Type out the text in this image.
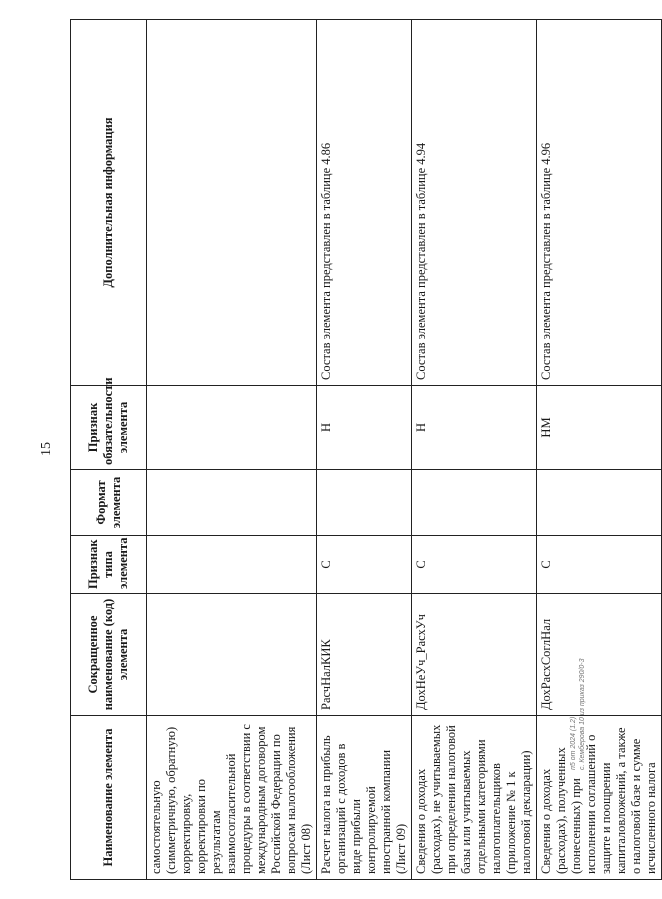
15
Наименование элемента	Сокращенное наименование (код) элемента	Признак типа элемента	Формат элемента	Признак обязательности элемента	Дополнительная информация
самостоятельную (симметричную, обратную) корректировку, корректировки по результатам взаимосогласительной процедуры в соответствии с международным договором Российской Федерации по вопросам налогообложения (Лист 08)					
Расчет налога на прибыль организаций с доходов в виде прибыли контролируемой иностранной компании (Лист 09)	РасчНалКИК	С		Н	Состав элемента представлен в таблице 4.86
Сведения о доходах (расходах), не учитываемых при определении налоговой базы или учитываемых отдельными категориями налогоплательщиков (приложение № 1 к налоговой декларации)	ДохНеУч_РасхУч	С		Н	Состав элемента представлен в таблице 4.94
Сведения о доходах (расходах), полученных (понесенных) при исполнении соглашений о защите и поощрении капиталовложений, а также о налоговой базе и сумме исчисленного налога	ДохРасхСоглНал	С		НМ	Состав элемента представлен в таблице 4.96
п5 от 2024 (1.2) с. Кемберова 10 из приказ 290/0-3
